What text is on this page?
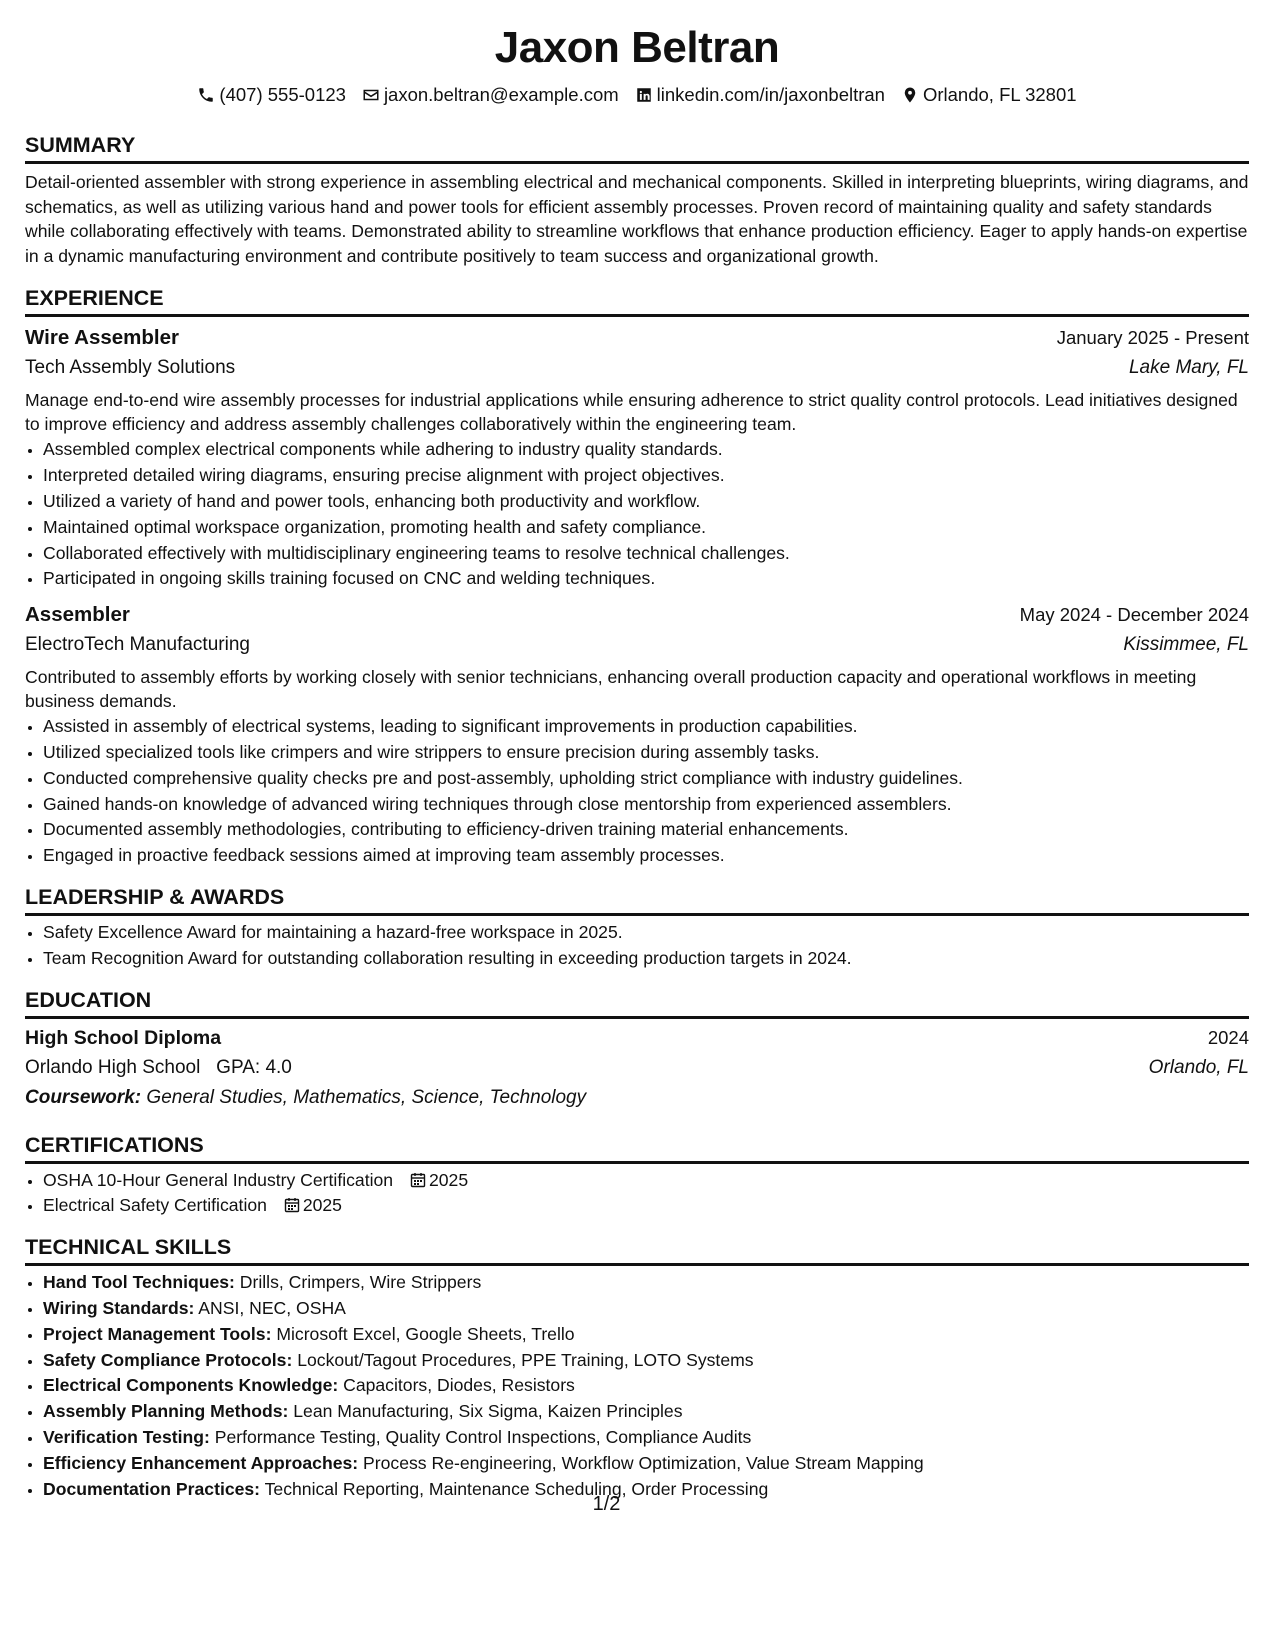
Jaxon Beltran
(407) 555-0123 jaxon.beltran@example.com linkedin.com/in/jaxonbeltran Orlando, FL 32801
SUMMARY

Detail-oriented assembler with strong experience in assembling electrical and mechanical components. Skilled in interpreting blueprints, wiring diagrams, and schematics, as well as utilizing various hand and power tools for efficient assembly processes. Proven record of maintaining quality and safety standards while collaborating effectively with teams. Demonstrated ability to streamline workflows that enhance production efficiency. Eager to apply hands-on expertise in a dynamic manufacturing environment and contribute positively to team success and organizational growth.

EXPERIENCE
Wire Assembler	January 2025 - Present
Tech Assembly Solutions	Lake Mary, FL

Manage end-to-end wire assembly processes for industrial applications while ensuring adherence to strict quality control protocols. Lead initiatives designed to improve efficiency and address assembly challenges collaboratively within the engineering team.

• Assembled complex electrical components while adhering to industry quality standards.
• Interpreted detailed wiring diagrams, ensuring precise alignment with project objectives.
• Utilized a variety of hand and power tools, enhancing both productivity and workflow.
• Maintained optimal workspace organization, promoting health and safety compliance.
• Collaborated effectively with multidisciplinary engineering teams to resolve technical challenges.
• Participated in ongoing skills training focused on CNC and welding techniques.
Assembler	May 2024 - December 2024
ElectroTech Manufacturing	Kissimmee, FL

Contributed to assembly efforts by working closely with senior technicians, enhancing overall production capacity and operational workflows in meeting business demands.

• Assisted in assembly of electrical systems, leading to significant improvements in production capabilities.
• Utilized specialized tools like crimpers and wire strippers to ensure precision during assembly tasks.
• Conducted comprehensive quality checks pre and post-assembly, upholding strict compliance with industry guidelines.
• Gained hands-on knowledge of advanced wiring techniques through close mentorship from experienced assemblers.
• Documented assembly methodologies, contributing to efficiency-driven training material enhancements.
• Engaged in proactive feedback sessions aimed at improving team assembly processes.
LEADERSHIP & AWARDS
• Safety Excellence Award for maintaining a hazard-free workspace in 2025.
• Team Recognition Award for outstanding collaboration resulting in exceeding production targets in 2024.
EDUCATION
High School Diploma	2024
Orlando High School GPA: 4.0	Orlando, FL
Coursework: General Studies, Mathematics, Science, Technology
CERTIFICATIONS
• OSHA 10-Hour General Industry Certification 2025
• Electrical Safety Certification 2025
TECHNICAL SKILLS
• Hand Tool Techniques: Drills, Crimpers, Wire Strippers
• Wiring Standards: ANSI, NEC, OSHA
• Project Management Tools: Microsoft Excel, Google Sheets, Trello
• Safety Compliance Protocols: Lockout/Tagout Procedures, PPE Training, LOTO Systems
• Electrical Components Knowledge: Capacitors, Diodes, Resistors
• Assembly Planning Methods: Lean Manufacturing, Six Sigma, Kaizen Principles
• Verification Testing: Performance Testing, Quality Control Inspections, Compliance Audits
• Efficiency Enhancement Approaches: Process Re-engineering, Workflow Optimization, Value Stream Mapping
• Documentation Practices: Technical Reporting, Maintenance Scheduling, Order Processing
1/2
